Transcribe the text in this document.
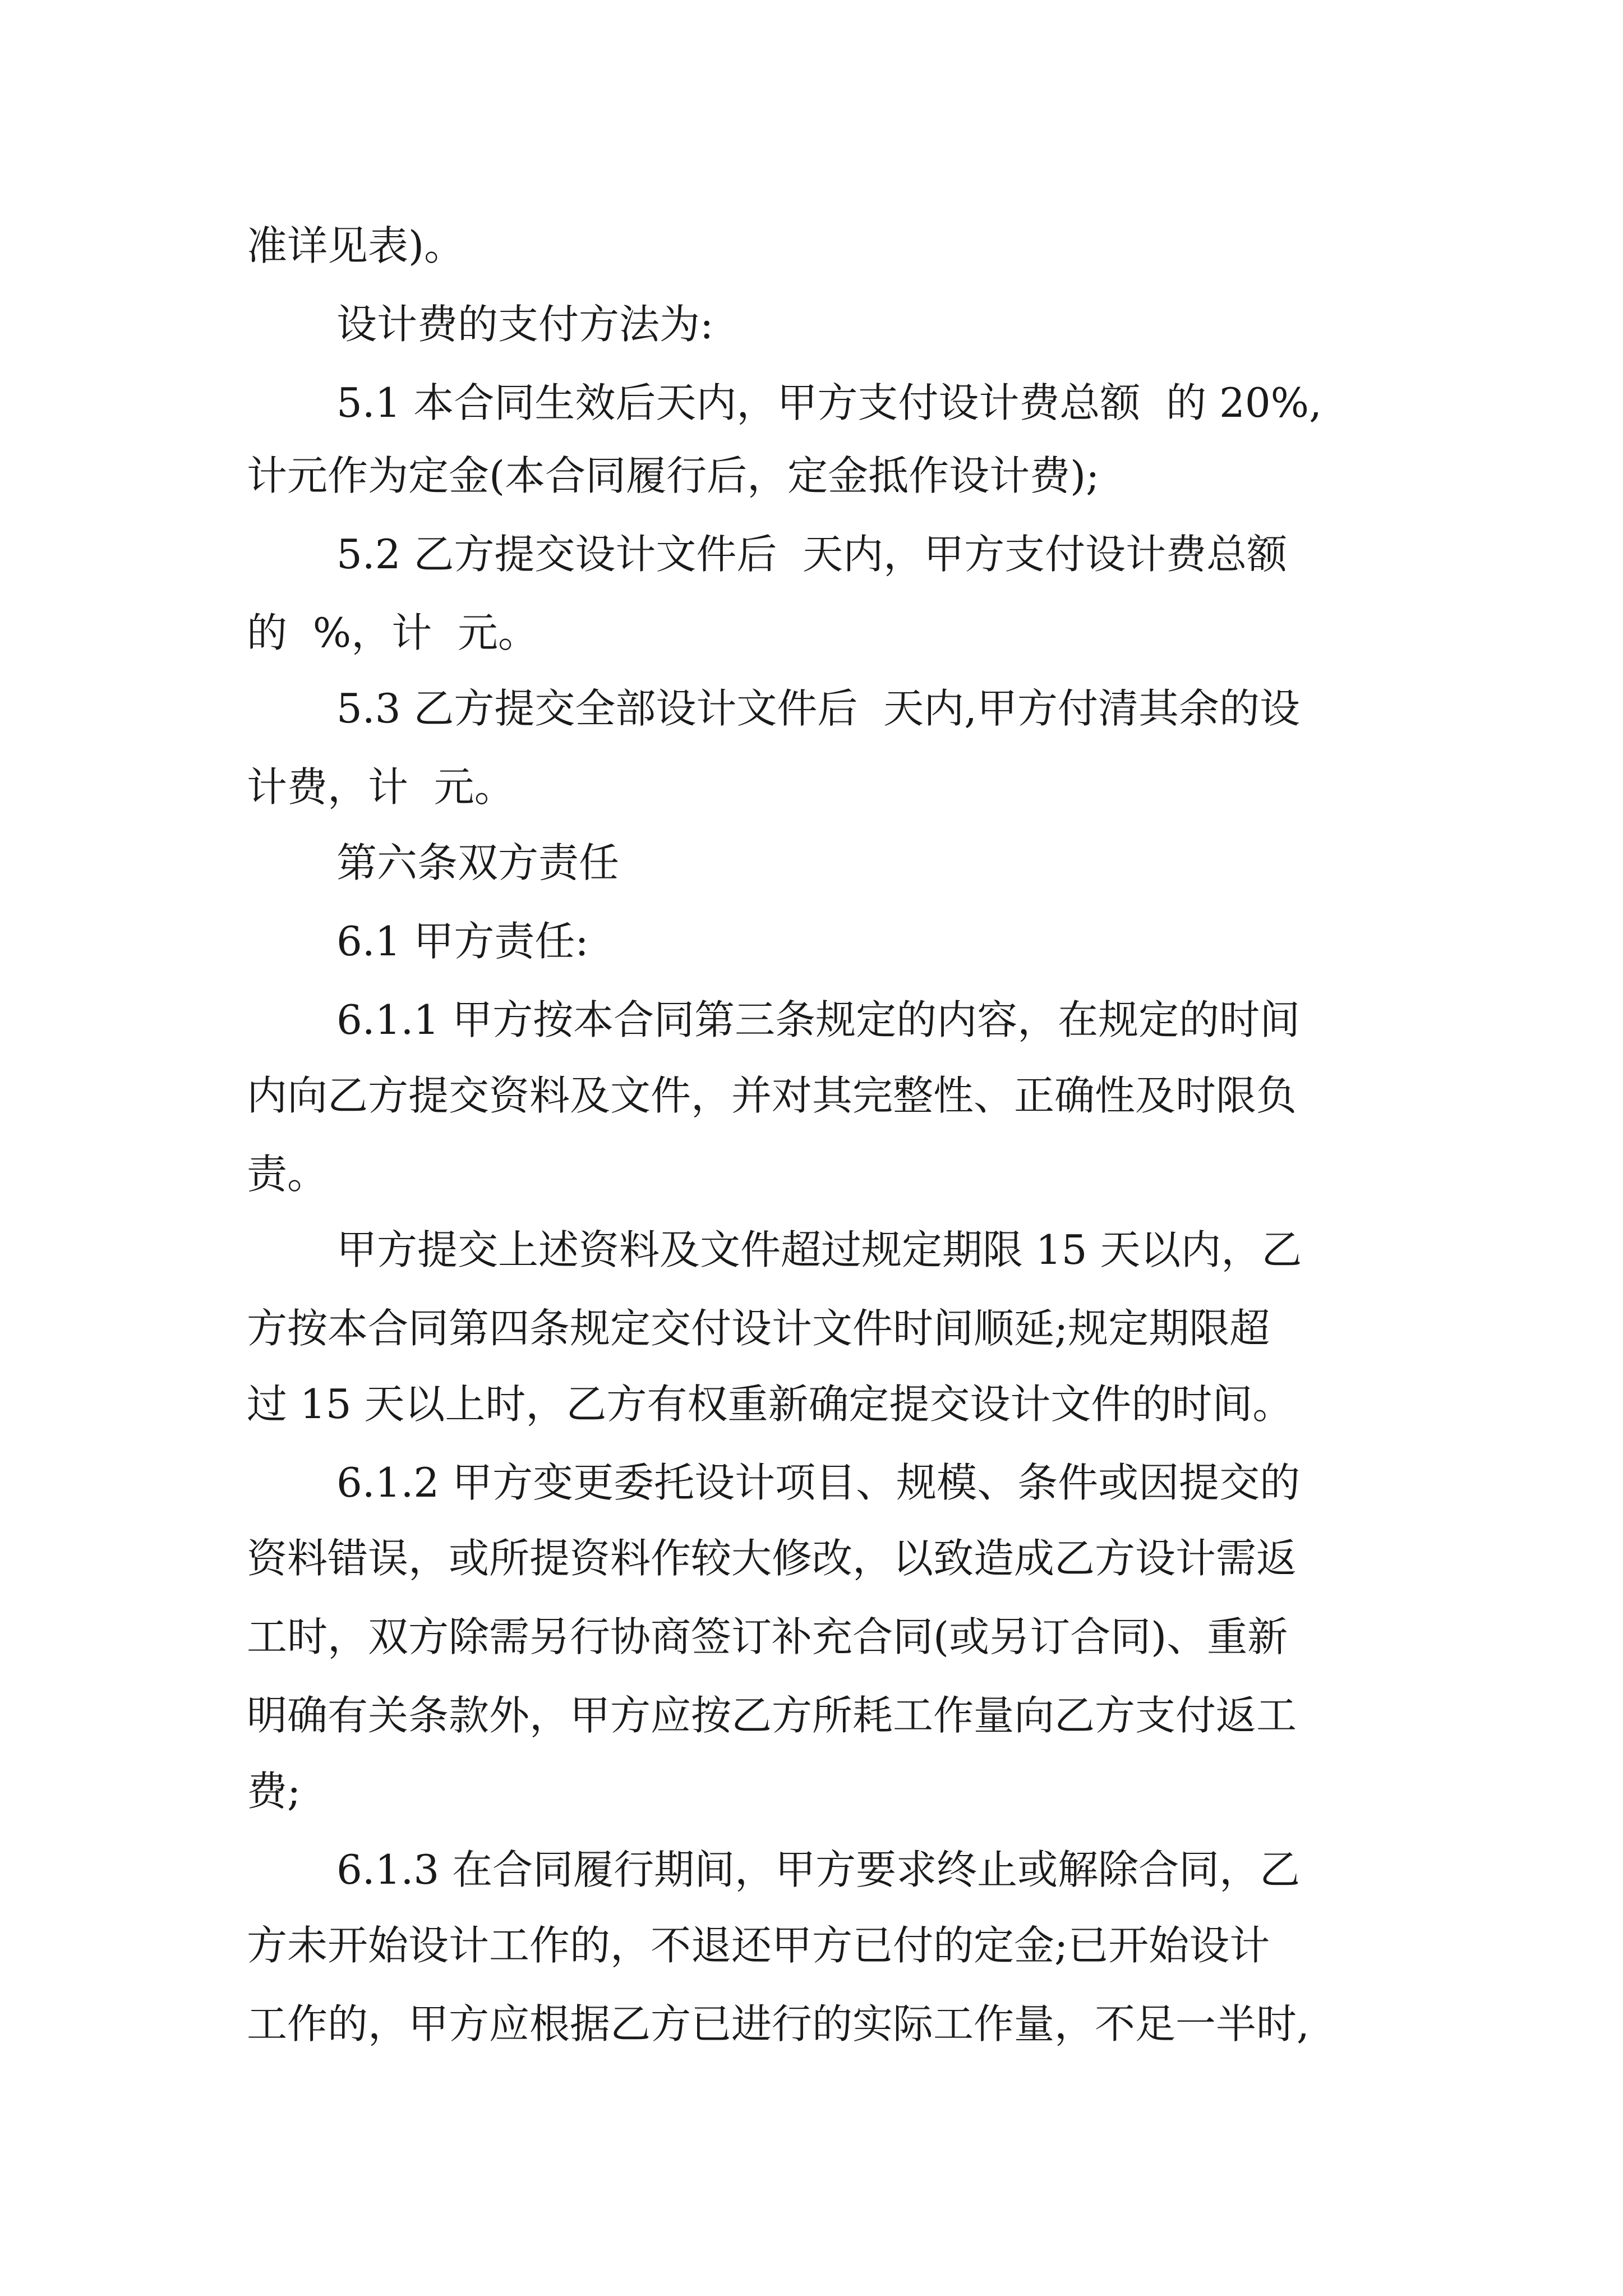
准详见表)。
设计费的支付方法为:
5.1 本合同生效后天内，甲方支付设计费总额  的 20%,
计元作为定金(本合同履行后，定金抵作设计费);
5.2 乙方提交设计文件后  天内，甲方支付设计费总额
的  %，计  元。
5.3 乙方提交全部设计文件后  天内,甲方付清其余的设
计费，计  元。
第六条双方责任
6.1 甲方责任:
6.1.1 甲方按本合同第三条规定的内容，在规定的时间
内向乙方提交资料及文件，并对其完整性、正确性及时限负
责。
甲方提交上述资料及文件超过规定期限 15 天以内，乙
方按本合同第四条规定交付设计文件时间顺延;规定期限超
过 15 天以上时，乙方有权重新确定提交设计文件的时间。
6.1.2 甲方变更委托设计项目、规模、条件或因提交的
资料错误，或所提资料作较大修改，以致造成乙方设计需返
工时，双方除需另行协商签订补充合同(或另订合同)、重新
明确有关条款外，甲方应按乙方所耗工作量向乙方支付返工
费;
6.1.3 在合同履行期间，甲方要求终止或解除合同，乙
方未开始设计工作的，不退还甲方已付的定金;已开始设计
工作的，甲方应根据乙方已进行的实际工作量，不足一半时,
